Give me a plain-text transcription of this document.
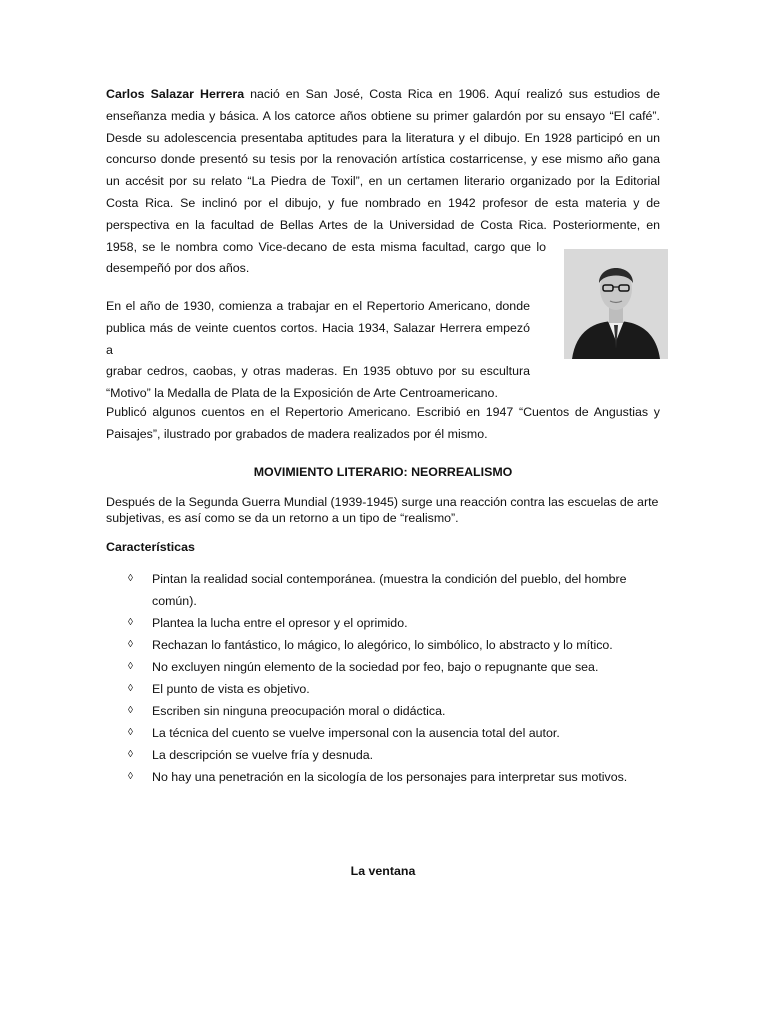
Carlos Salazar Herrera nació en San José, Costa Rica en 1906. Aquí realizó sus estudios de
enseñanza media y básica. A los catorce años obtiene su primer galardón por su ensayo “El café”.
Desde su adolescencia presentaba aptitudes para la literatura y el dibujo. En 1928 participó en un
concurso donde presentó su tesis por la renovación artística costarricense, y ese mismo año gana
un accésit por su relato “La Piedra de Toxil”, en un certamen literario organizado por la Editorial
Costa Rica. Se inclinó por el dibujo, y fue nombrado en 1942 profesor de esta materia y de
perspectiva en la facultad de Bellas Artes de la Universidad de Costa Rica. Posteriormente, en
1958, se le nombra como Vice-decano de esta misma facultad, cargo que lo
desempeñó por dos años.

En el año de 1930, comienza a trabajar en el Repertorio Americano, donde
publica más de veinte cuentos cortos. Hacia 1934, Salazar Herrera empezó a
grabar cedros, caobas, y otras maderas. En 1935 obtuvo por su escultura
“Motivo” la Medalla de Plata de la Exposición de Arte Centroamericano.

Publicó algunos cuentos en el Repertorio Americano. Escribió en 1947 “Cuentos de Angustias y
Paisajes”, ilustrado por grabados de madera realizados por él mismo.

MOVIMIENTO LITERARIO: NEORREALISMO

Después de la Segunda Guerra Mundial (1939-1945) surge una reacción contra las escuelas de arte subjetivas, es así como se da un retorno a un tipo de “realismo”.

Características

◊ Pintan la realidad social contemporánea. (muestra la condición del pueblo, del hombre común).
◊ Plantea la lucha entre el opresor y el oprimido.
◊ Rechazan lo fantástico, lo mágico, lo alegórico, lo simbólico, lo abstracto y lo mítico.
◊ No excluyen ningún elemento de la sociedad por feo, bajo o repugnante que sea.
◊ El punto de vista es objetivo.
◊ Escriben sin ninguna preocupación moral o didáctica.
◊ La técnica del cuento se vuelve impersonal con la ausencia total del autor.
◊ La descripción se vuelve fría y desnuda.
◊ No hay una penetración en la sicología de los personajes para interpretar sus motivos.

La ventana
